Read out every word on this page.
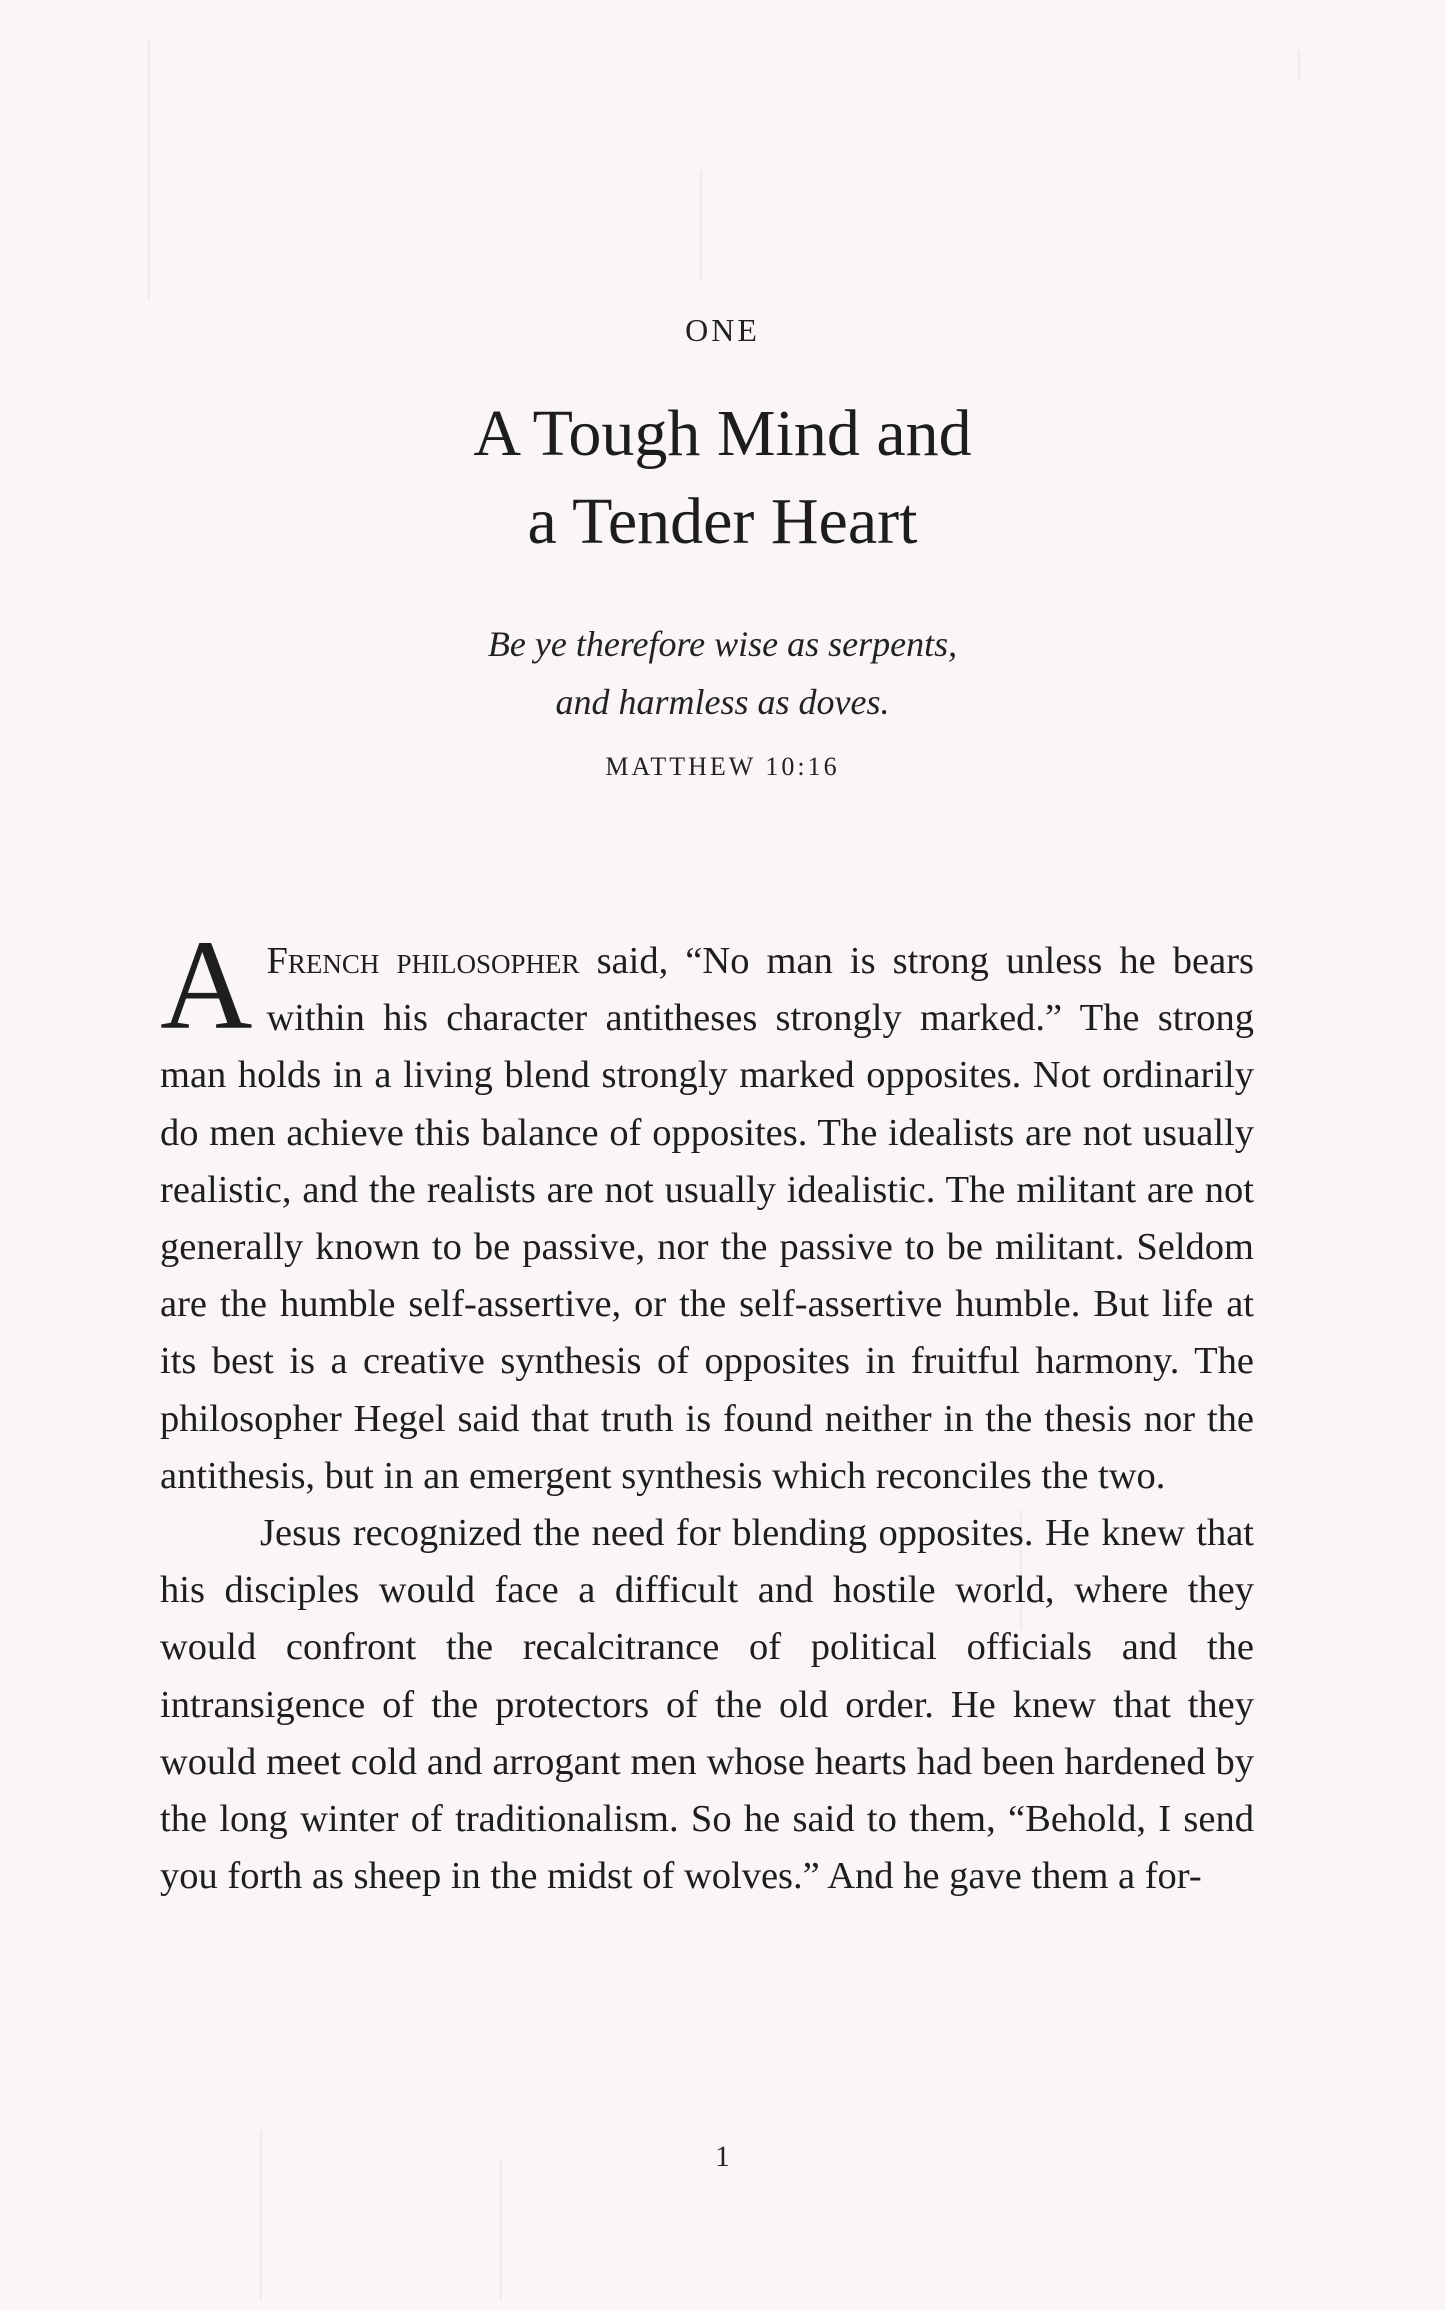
ONE
A Tough Mind and
a Tender Heart
Be ye therefore wise as serpents,
and harmless as doves.
MATTHEW 10:16

A French philosopher said, “No man is strong unless he bears within his character antitheses strongly marked.” The strong man holds in a living blend strongly marked opposites. Not ordinarily do men achieve this balance of opposites. The idealists are not usually realistic, and the realists are not usually idealistic. The militant are not generally known to be passive, nor the passive to be militant. Seldom are the humble self-assertive, or the self-assertive humble. But life at its best is a creative synthesis of opposites in fruitful harmony. The philosopher Hegel said that truth is found neither in the thesis nor the antithesis, but in an emergent synthesis which reconciles the two.

Jesus recognized the need for blending opposites. He knew that his disciples would face a difficult and hostile world, where they would confront the recalcitrance of political officials and the intransigence of the protectors of the old order. He knew that they would meet cold and arrogant men whose hearts had been hardened by the long winter of traditionalism. So he said to them, “Behold, I send you forth as sheep in the midst of wolves.” And he gave them a for-

1
